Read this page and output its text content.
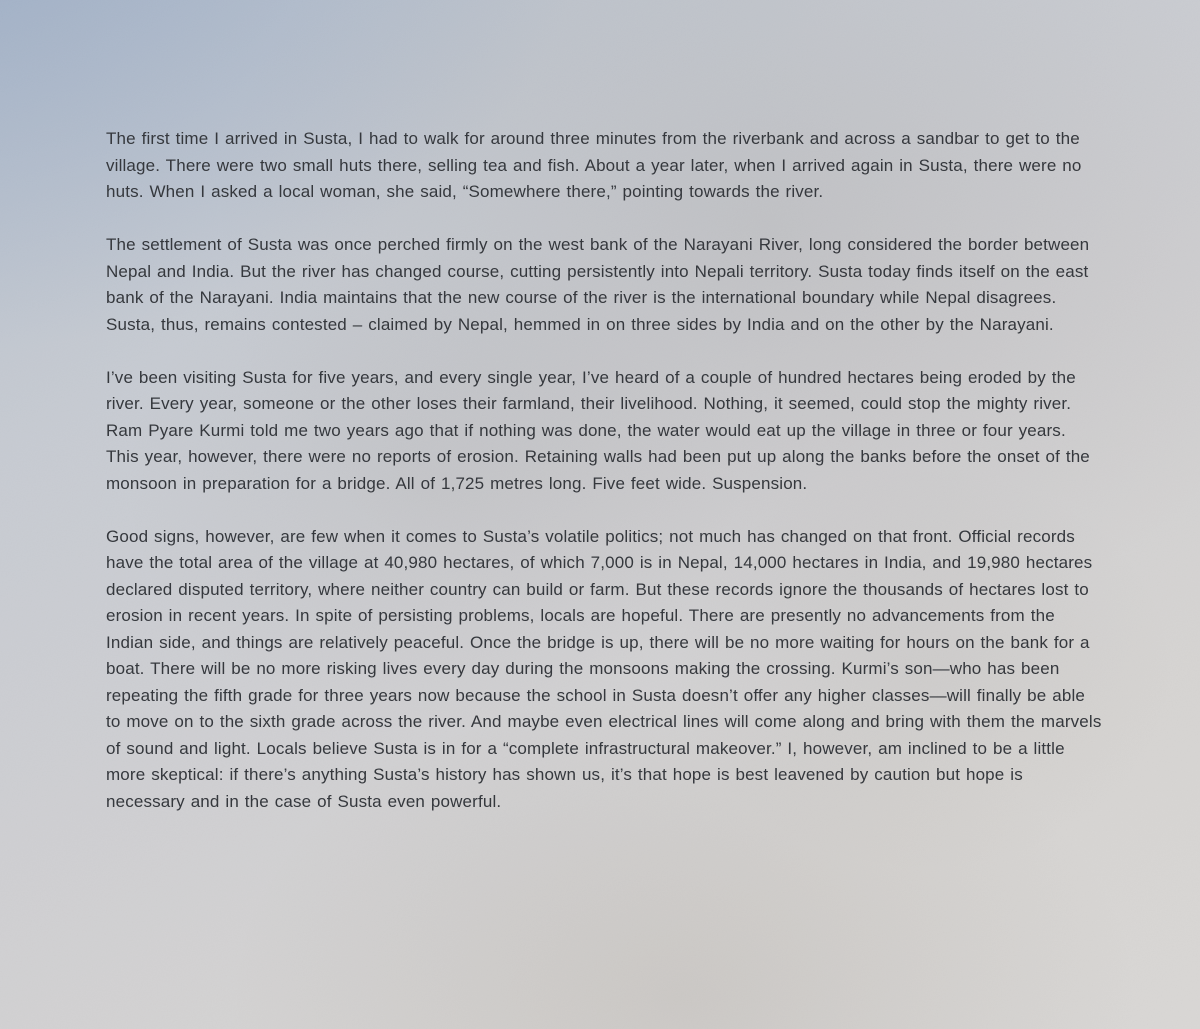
The first time I arrived in Susta, I had to walk for around three minutes from the riverbank and across a sandbar to get to the village. There were two small huts there, selling tea and fish. About a year later, when I arrived again in Susta, there were no huts. When I asked a local woman, she said, “Somewhere there,” pointing towards the river.

The settlement of Susta was once perched firmly on the west bank of the Narayani River, long considered the border between Nepal and India. But the river has changed course, cutting persistently into Nepali territory. Susta today finds itself on the east bank of the Narayani. India maintains that the new course of the river is the international boundary while Nepal disagrees. Susta, thus, remains contested – claimed by Nepal, hemmed in on three sides by India and on the other by the Narayani.

I’ve been visiting Susta for five years, and every single year, I’ve heard of a couple of hundred hectares being eroded by the river. Every year, someone or the other loses their farmland, their livelihood. Nothing, it seemed, could stop the mighty river. Ram Pyare Kurmi told me two years ago that if nothing was done, the water would eat up the village in three or four years. This year, however, there were no reports of erosion. Retaining walls had been put up along the banks before the onset of the monsoon in preparation for a bridge. All of 1,725 metres long. Five feet wide. Suspension.

Good signs, however, are few when it comes to Susta’s volatile politics; not much has changed on that front. Official records have the total area of the village at 40,980 hectares, of which 7,000 is in Nepal, 14,000 hectares in India, and 19,980 hectares declared disputed territory, where neither country can build or farm. But these records ignore the thousands of hectares lost to erosion in recent years. In spite of persisting problems, locals are hopeful. There are presently no advancements from the Indian side, and things are relatively peaceful. Once the bridge is up, there will be no more waiting for hours on the bank for a boat. There will be no more risking lives every day during the monsoons making the crossing. Kurmi’s son—who has been repeating the fifth grade for three years now because the school in Susta doesn’t offer any higher classes—will finally be able to move on to the sixth grade across the river. And maybe even electrical lines will come along and bring with them the marvels of sound and light. Locals believe Susta is in for a “complete infrastructural makeover.” I, however, am inclined to be a little more skeptical: if there’s anything Susta’s history has shown us, it’s that hope is best leavened by caution but hope is necessary and in the case of Susta even powerful.
